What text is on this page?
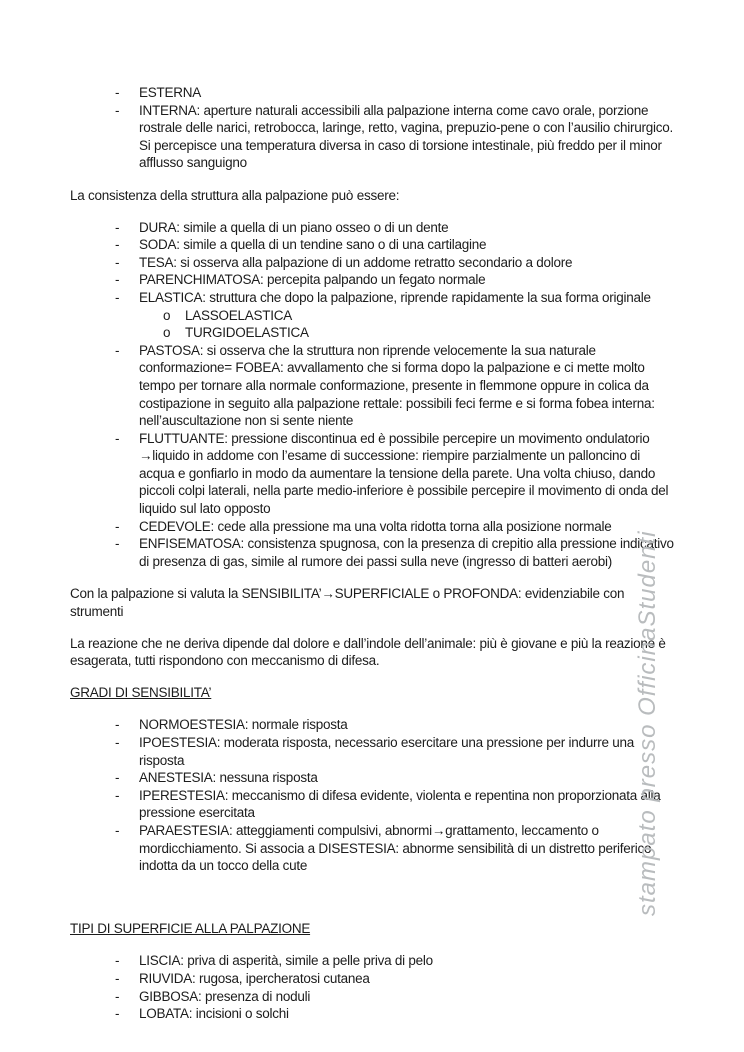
-	ESTERNA
-	INTERNA: aperture naturali accessibili alla palpazione interna come cavo orale, porzione rostrale delle narici, retrobocca, laringe, retto, vagina, prepuzio-pene o con l’ausilio chirurgico. Si percepisce una temperatura diversa in caso di torsione intestinale, più freddo per il minor afflusso sanguigno

La consistenza della struttura alla palpazione può essere:

-	DURA: simile a quella di un piano osseo o di un dente
-	SODA: simile a quella di un tendine sano o di una cartilagine
-	TESA: si osserva alla palpazione di un addome retratto secondario a dolore
-	PARENCHIMATOSA: percepita palpando un fegato normale
-	ELASTICA: struttura che dopo la palpazione, riprende rapidamente la sua forma originale
o	LASSOELASTICA
o	TURGIDOELASTICA
-	PASTOSA: si osserva che la struttura non riprende velocemente la sua naturale conformazione= FOBEA: avvallamento che si forma dopo la palpazione e ci mette molto tempo per tornare alla normale conformazione, presente in flemmone oppure in colica da costipazione in seguito alla palpazione rettale: possibili feci ferme e si forma fobea interna: nell’auscultazione non si sente niente
-	FLUTTUANTE: pressione discontinua ed è possibile percepire un movimento ondulatorio →liquido in addome con l’esame di successione: riempire parzialmente un palloncino di acqua e gonfiarlo in modo da aumentare la tensione della parete. Una volta chiuso, dando piccoli colpi laterali, nella parte medio-inferiore è possibile percepire il movimento di onda del liquido sul lato opposto
-	CEDEVOLE: cede alla pressione ma una volta ridotta torna alla posizione normale
-	ENFISEMATOSA: consistenza spugnosa, con la presenza di crepitio alla pressione indicativo di presenza di gas, simile al rumore dei passi sulla neve (ingresso di batteri aerobi)

Con la palpazione si valuta la SENSIBILITA’→SUPERFICIALE o PROFONDA: evidenziabile con strumenti

La reazione che ne deriva dipende dal dolore e dall’indole dell’animale: più è giovane e più la reazione è esagerata, tutti rispondono con meccanismo di difesa.

GRADI DI SENSIBILITA’

-	NORMOESTESIA: normale risposta
-	IPOESTESIA: moderata risposta, necessario esercitare una pressione per indurre una risposta
-	ANESTESIA: nessuna risposta
-	IPERESTESIA: meccanismo di difesa evidente, violenta e repentina non proporzionata alla pressione esercitata
-	PARAESTESIA: atteggiamenti compulsivi, abnormi→grattamento, leccamento o mordicchiamento. Si associa a DISESTESIA: abnorme sensibilità di un distretto periferico indotta da un tocco della cute

TIPI DI SUPERFICIE ALLA PALPAZIONE

-	LISCIA: priva di asperità, simile a pelle priva di pelo
-	RIUVIDA: rugosa, ipercheratosi cutanea
-	GIBBOSA: presenza di noduli
-	LOBATA: incisioni o solchi
stampato presso OfficinaStudenti
